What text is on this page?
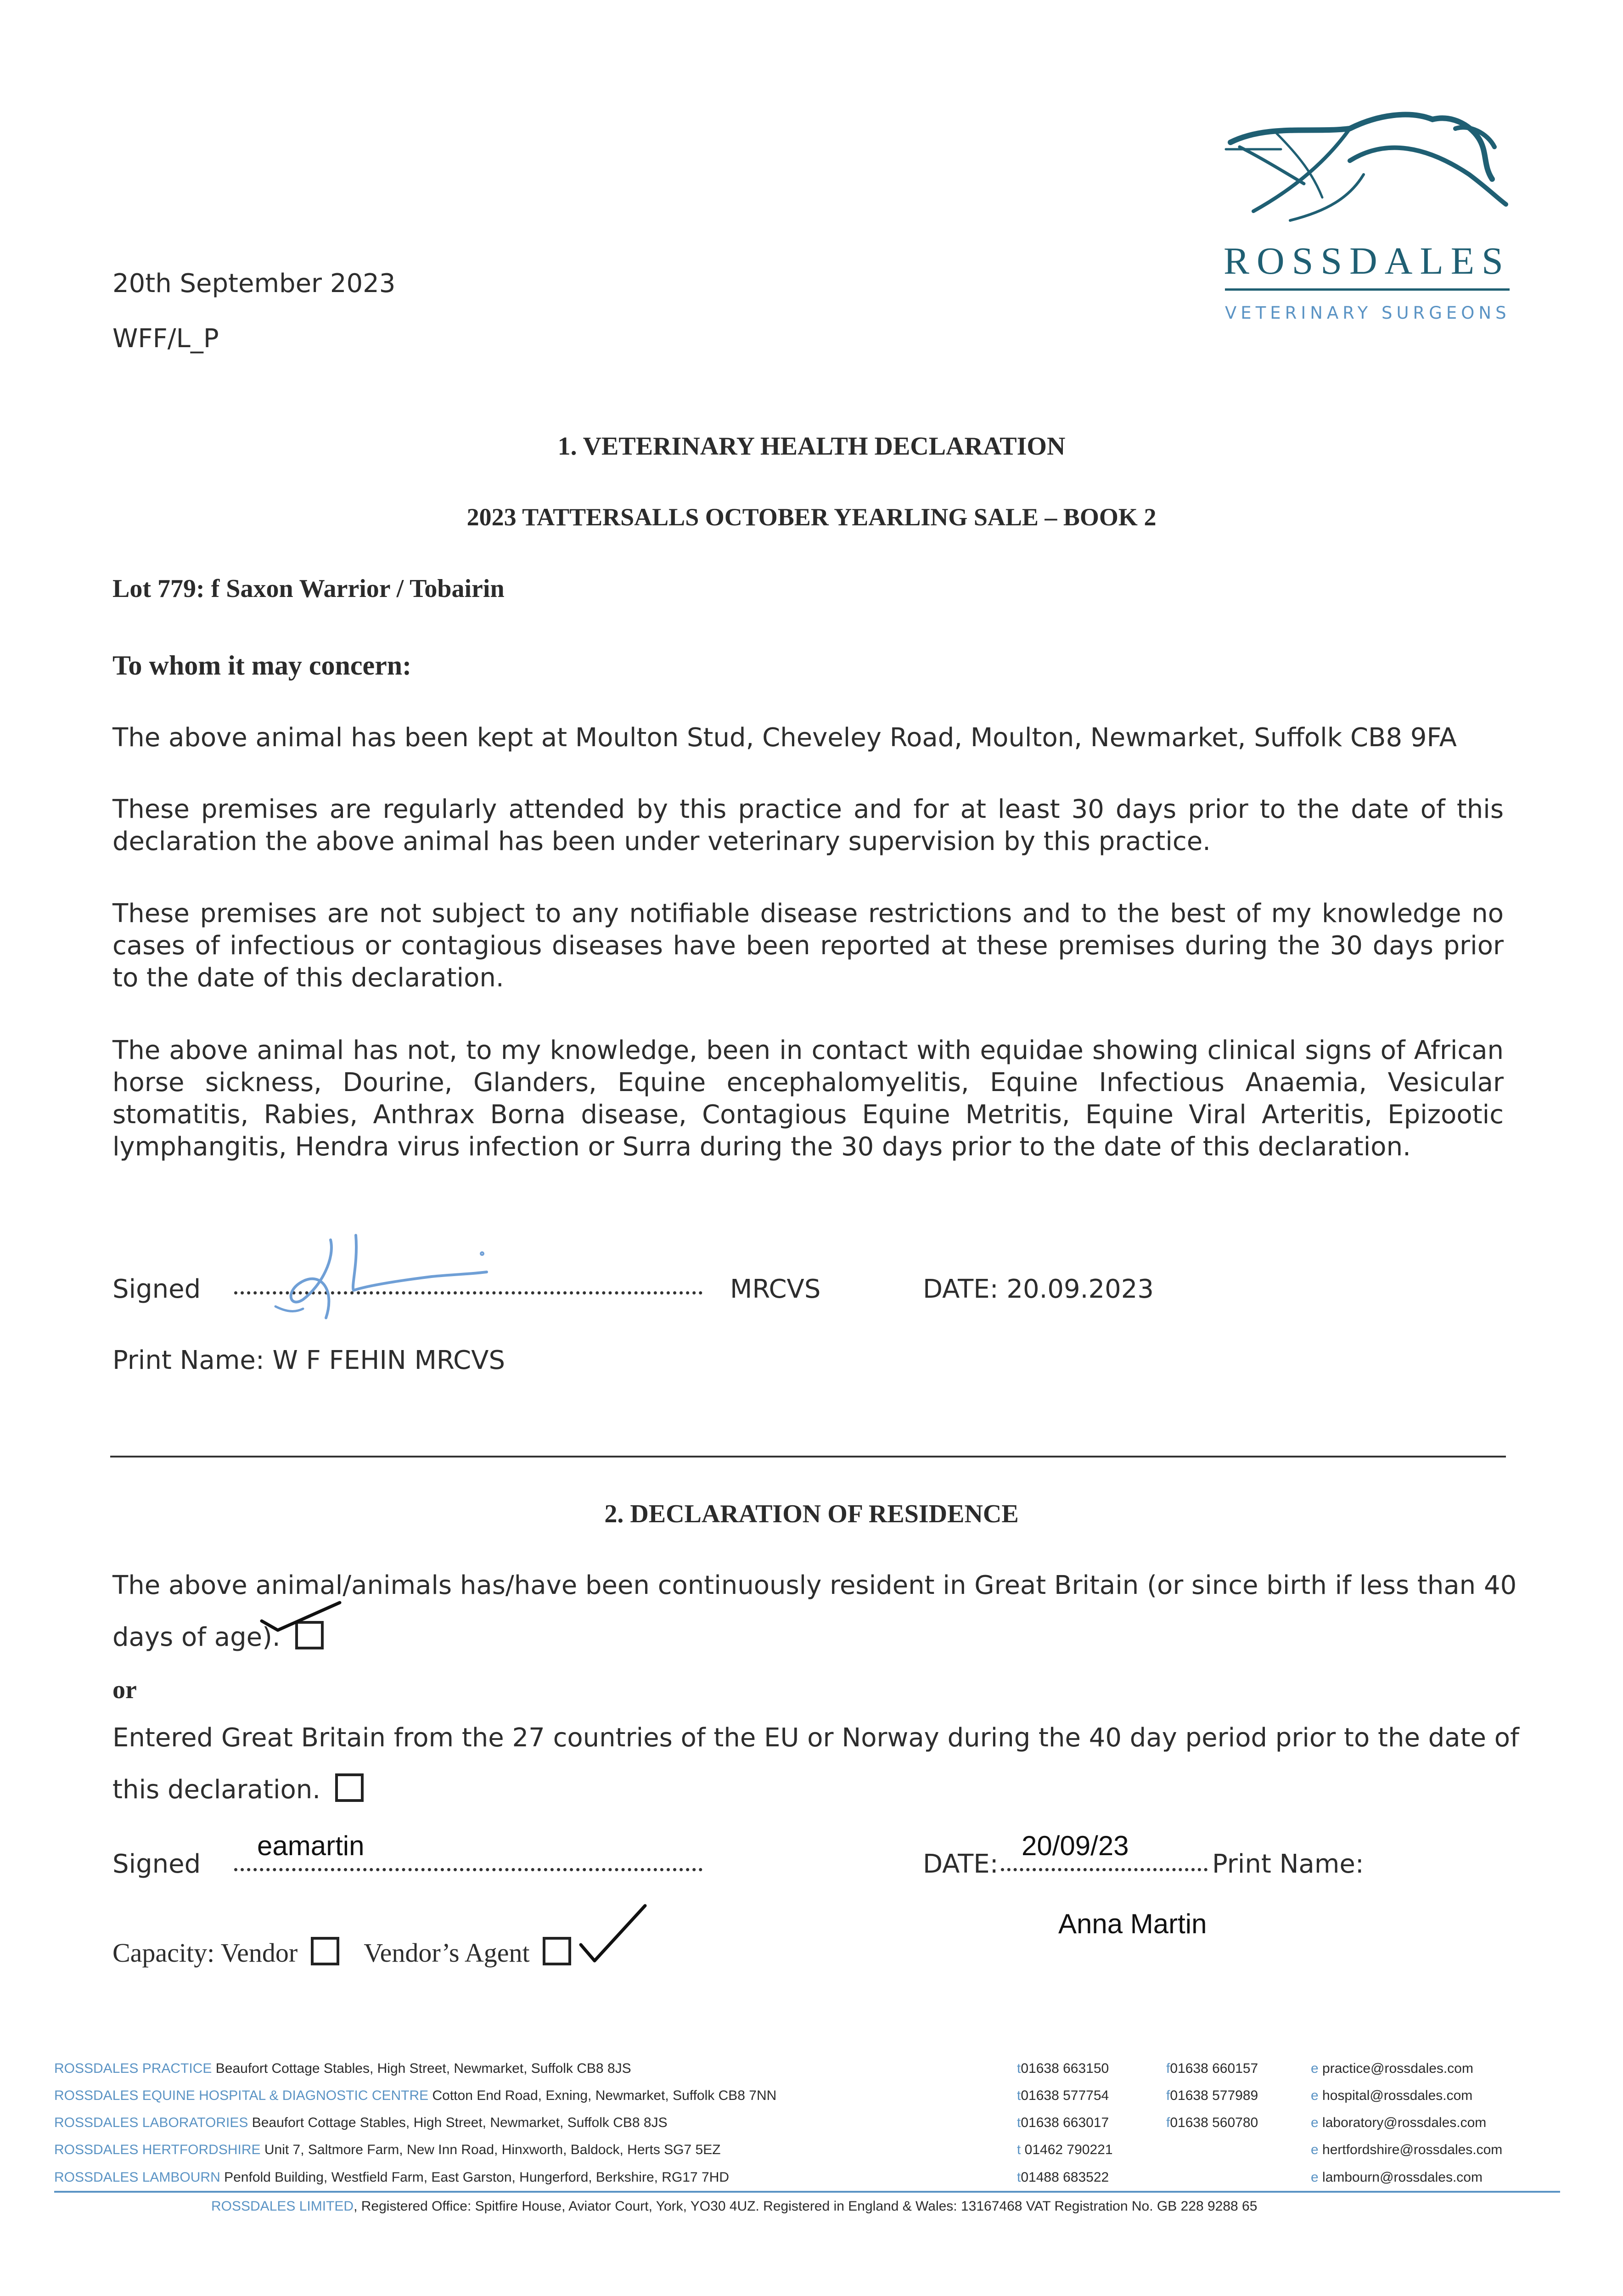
ROSSDALES
VETERINARY SURGEONS
20th September 2023
WFF/L_P
1. VETERINARY HEALTH DECLARATION
2023 TATTERSALLS OCTOBER YEARLING SALE – BOOK 2
Lot 779: f Saxon Warrior / Tobairin
To whom it may concern:
The above animal has been kept at Moulton Stud, Cheveley Road, Moulton, Newmarket, Suffolk CB8 9FA
These premises are regularly attended by this practice and for at least 30 days prior to the date of this declaration the above animal has been under veterinary supervision by this practice.
These premises are not subject to any notifiable disease restrictions and to the best of my knowledge no cases of infectious or contagious diseases have been reported at these premises during the 30 days prior to the date of this declaration.
The above animal has not, to my knowledge, been in contact with equidae showing clinical signs of African horse sickness, Dourine, Glanders, Equine encephalomyelitis, Equine Infectious Anaemia, Vesicular stomatitis, Rabies, Anthrax Borna disease, Contagious Equine Metritis, Equine Viral Arteritis, Epizootic lymphangitis, Hendra virus infection or Surra during the 30 days prior to the date of this declaration.
Signed	MRCVS	DATE: 20.09.2023
Print Name: W F FEHIN MRCVS
2. DECLARATION OF RESIDENCE
The above animal/animals has/have been continuously resident in Great Britain (or since birth if less than 40
days of age).
or
Entered Great Britain from the 27 countries of the EU or Norway during the 40 day period prior to the date of
this declaration.
Signed
eamartin
DATE:
20/09/23
Print Name:
Anna Martin
Capacity: Vendor Vendor’s Agent
ROSSDALES PRACTICE Beaufort Cottage Stables, High Street, Newmarket, Suffolk CB8 8JS	t01638 663150	f01638 660157	e practice@rossdales.com
ROSSDALES EQUINE HOSPITAL & DIAGNOSTIC CENTRE Cotton End Road, Exning, Newmarket, Suffolk CB8 7NN	t01638 577754	f01638 577989	e hospital@rossdales.com
ROSSDALES LABORATORIES Beaufort Cottage Stables, High Street, Newmarket, Suffolk CB8 8JS	t01638 663017	f01638 560780	e laboratory@rossdales.com
ROSSDALES HERTFORDSHIRE Unit 7, Saltmore Farm, New Inn Road, Hinxworth, Baldock, Herts SG7 5EZ	t 01462 790221	e hertfordshire@rossdales.com
ROSSDALES LAMBOURN Penfold Building, Westfield Farm, East Garston, Hungerford, Berkshire, RG17 7HD	t01488 683522	e lambourn@rossdales.com
ROSSDALES LIMITED, Registered Office: Spitfire House, Aviator Court, York, YO30 4UZ. Registered in England & Wales: 13167468 VAT Registration No. GB 228 9288 65
